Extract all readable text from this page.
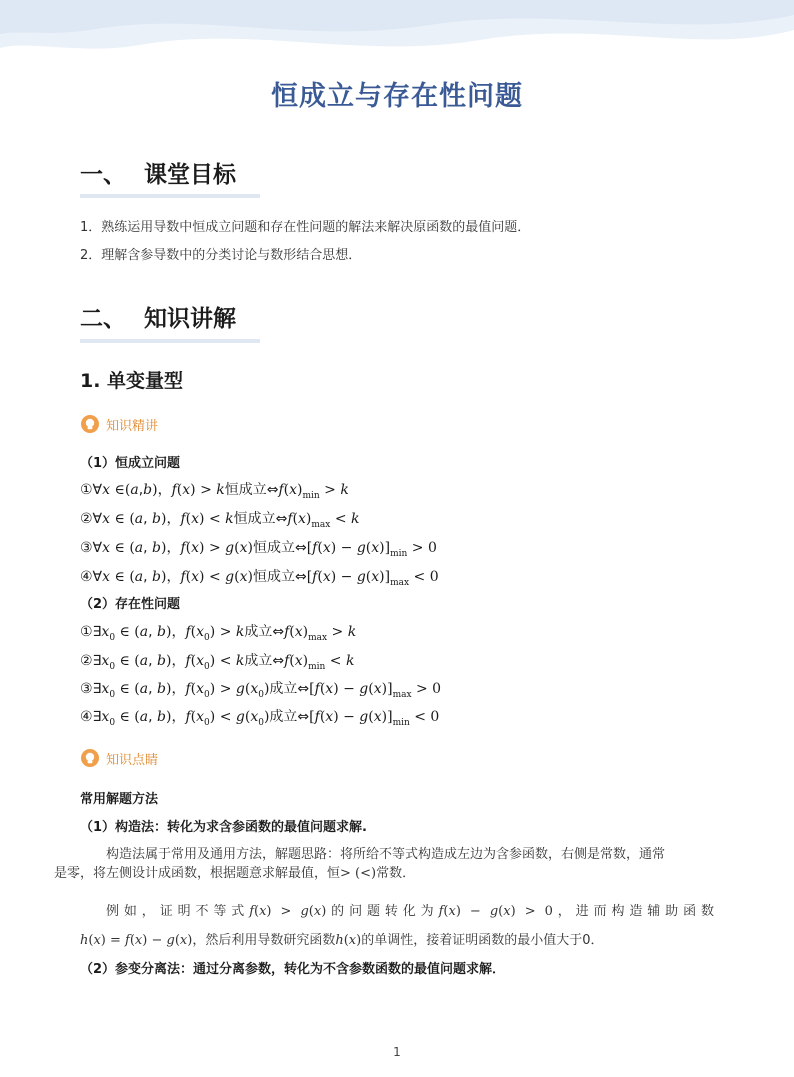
恒成立与存在性问题
一、 课堂目标
1．熟练运用导数中恒成立问题和存在性问题的解法来解决原函数的最值问题．
2．理解含参导数中的分类讨论与数形结合思想．
二、 知识讲解
1. 单变量型
知识精讲
（1）恒成立问题
①∀x ∈(a,b)，f(x) > k恒成立$\Leftrightarrow f(x)_{min} > k$
②∀x ∈ (a, b)，f(x) < k恒成立$\Leftrightarrow f(x)_{max} < k$
③∀x ∈ (a, b)，f(x) > g(x)恒成立⇔[f(x) − $g(x)]_{min} > 0$
④∀x ∈ (a, b)，f(x) < g(x)恒成立⇔[f(x) − $g(x)]_{max} < 0$
（2）存在性问题
$①\exists x_0$ ∈ (a, b)，$f(x_0) > k$成立$\Leftrightarrow f(x)_{max} > k$
$②\exists x_0$ ∈ (a, b)，$f(x_0) < k$成立$\Leftrightarrow f(x)_{min} < k$
$③\exists x_0$ ∈ (a, b)，$f(x_0) > g(x_0)$成立⇔[f(x) − $g(x)]_{max} > 0$
$④\exists x_0$ ∈ (a, b)，$f(x_0) < g(x_0)$成立⇔[f(x) − $g(x)]_{min} < 0$
知识点睛
常用解题方法
（1）构造法：转化为求含参函数的最值问题求解.
构造法属于常用及通用方法，解题思路：将所给不等式构造成左边为含参函数，右侧是常数，通常
是零，将左侧设计成函数，根据题意求解最值，恒> (<)常数．
例如，证明不等式f(x) > g(x)的问题转化为f(x) − g(x) > 0，进而构造辅助函数
h(x) = f(x) − g(x)，然后利用导数研究函数h(x)的单调性，接着证明函数的最小值大于0．
（2）参变分离法：通过分离参数，转化为不含参数函数的最值问题求解．
1
